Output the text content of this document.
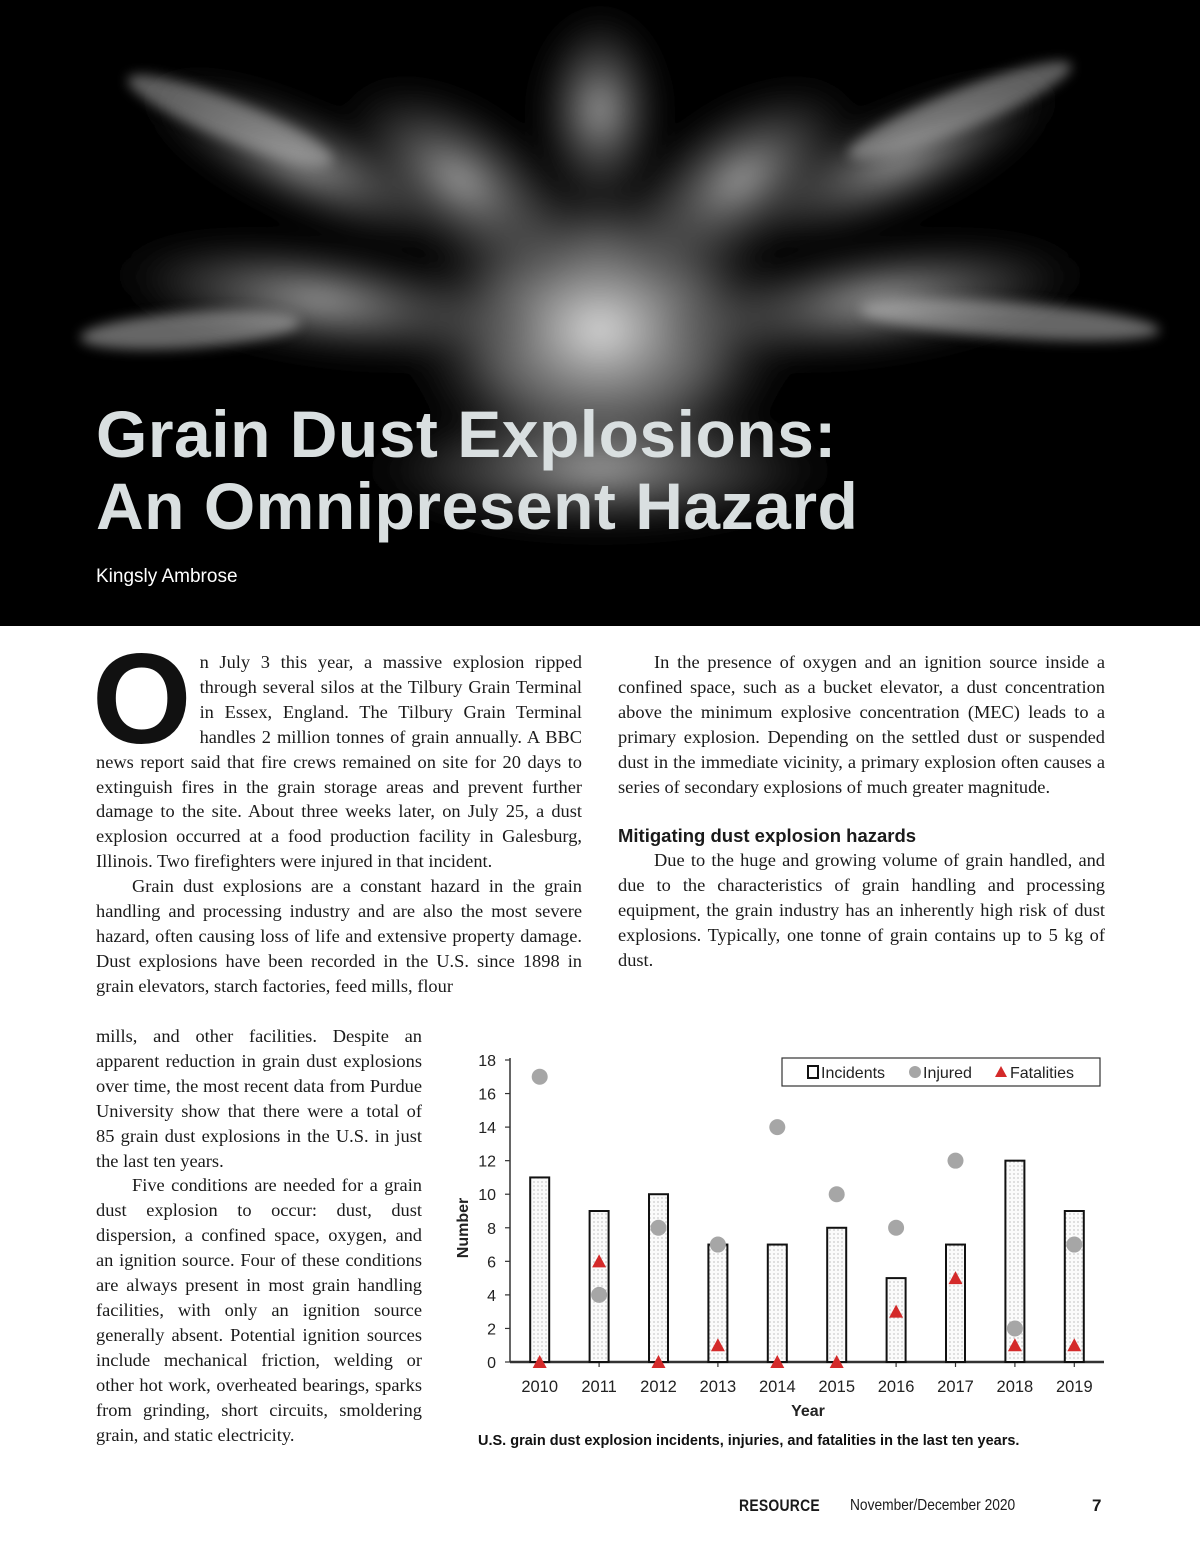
Grain Dust Explosions:
An Omnipresent Hazard
Kingsly Ambrose

On July 3 this year, a massive explosion ripped through several silos at the Tilbury Grain Terminal in Essex, England. The Tilbury Grain Terminal handles 2 million tonnes of grain annually. A BBC news report said that fire crews remained on site for 20 days to extinguish fires in the grain storage areas and prevent further damage to the site. About three weeks later, on July 25, a dust explosion occurred at a food production facility in Galesburg, Illinois. Two firefighters were injured in that incident.

Grain dust explosions are a constant hazard in the grain handling and processing industry and are also the most severe hazard, often causing loss of life and extensive property damage. Dust explosions have been recorded in the U.S. since 1898 in grain elevators, starch factories, feed mills, flour

mills, and other facilities. Despite an apparent reduction in grain dust explosions over time, the most recent data from Purdue University show that there were a total of 85 grain dust explosions in the U.S. in just the last ten years.

Five conditions are needed for a grain dust explosion to occur: dust, dust dispersion, a confined space, oxygen, and an ignition source. Four of these conditions are always present in most grain handling facilities, with only an ignition source generally absent. Potential ignition sources include mechanical friction, welding or other hot work, overheated bearings, sparks from grinding, short circuits, smoldering grain, and static electricity.

In the presence of oxygen and an ignition source inside a confined space, such as a bucket elevator, a dust concentration above the minimum explosive concentration (MEC) leads to a primary explosion. Depending on the settled dust or suspended dust in the immediate vicinity, a primary explosion often causes a series of secondary explosions of much greater magnitude.

Mitigating dust explosion hazards

Due to the huge and growing volume of grain handled, and due to the characteristics of grain handling and processing equipment, the grain industry has an inherently high risk of dust explosions. Typically, one tonne of grain contains up to 5 kg of dust.

0
2
4
6
8
10
12
14
16
18
2010 2011 2012 2013 2014 2015 2016 2017 2018 2019
Incidents Injured Fatalities
Year
Number
U.S. grain dust explosion incidents, injuries, and fatalities in the last ten years.
RESOURCE November/December 2020	7
